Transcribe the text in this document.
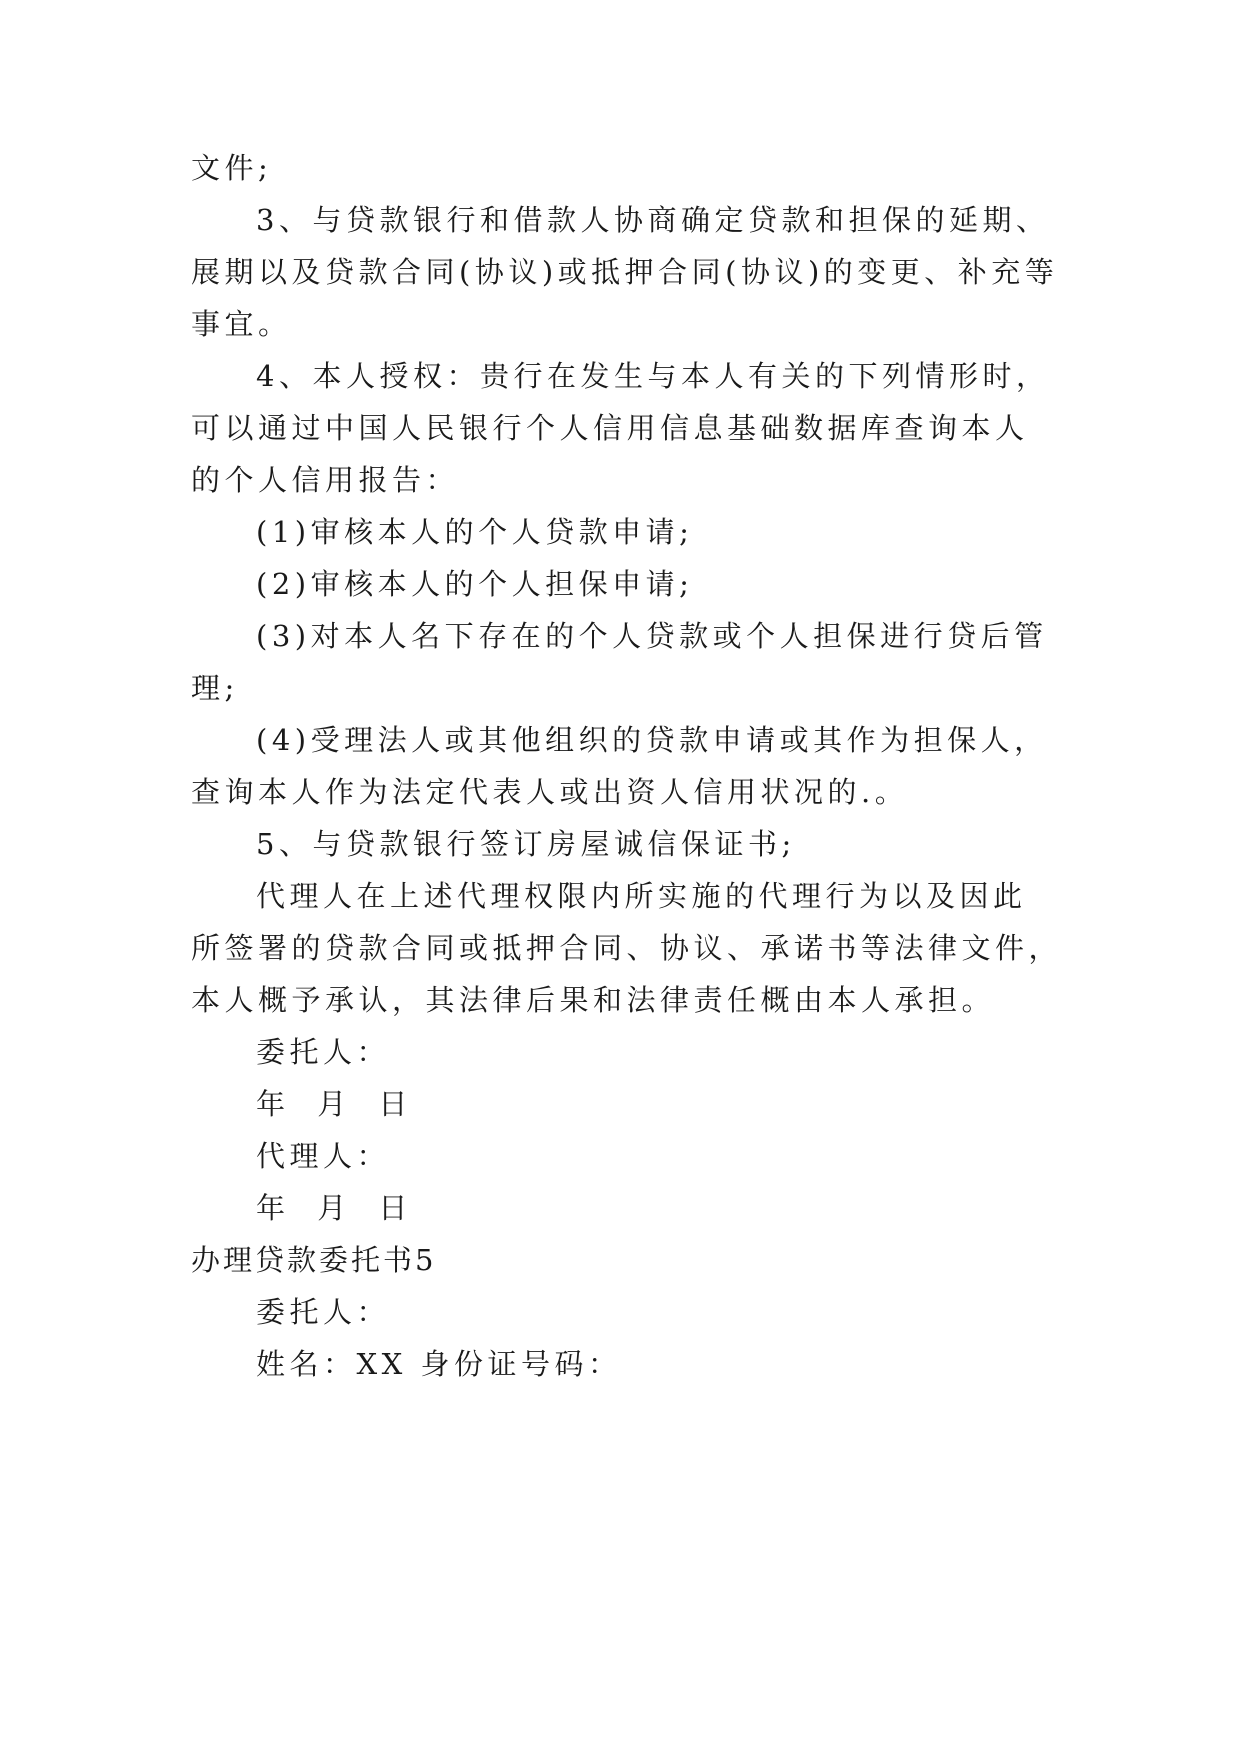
文件;
3、与贷款银行和借款人协商确定贷款和担保的延期、
展期以及贷款合同(协议)或抵押合同(协议)的变更、补充等
事宜。
4、本人授权：贵行在发生与本人有关的下列情形时，
可以通过中国人民银行个人信用信息基础数据库查询本人
的个人信用报告：
(1)审核本人的个人贷款申请;
(2)审核本人的个人担保申请;
(3)对本人名下存在的个人贷款或个人担保进行贷后管
理;
(4)受理法人或其他组织的贷款申请或其作为担保人，
查询本人作为法定代表人或出资人信用状况的.。
5、与贷款银行签订房屋诚信保证书;
代理人在上述代理权限内所实施的代理行为以及因此
所签署的贷款合同或抵押合同、协议、承诺书等法律文件，
本人概予承认，其法律后果和法律责任概由本人承担。
委托人：
年 月 日
代理人：
年 月 日
办理贷款委托书5
委托人：
姓名：XX 身份证号码：
